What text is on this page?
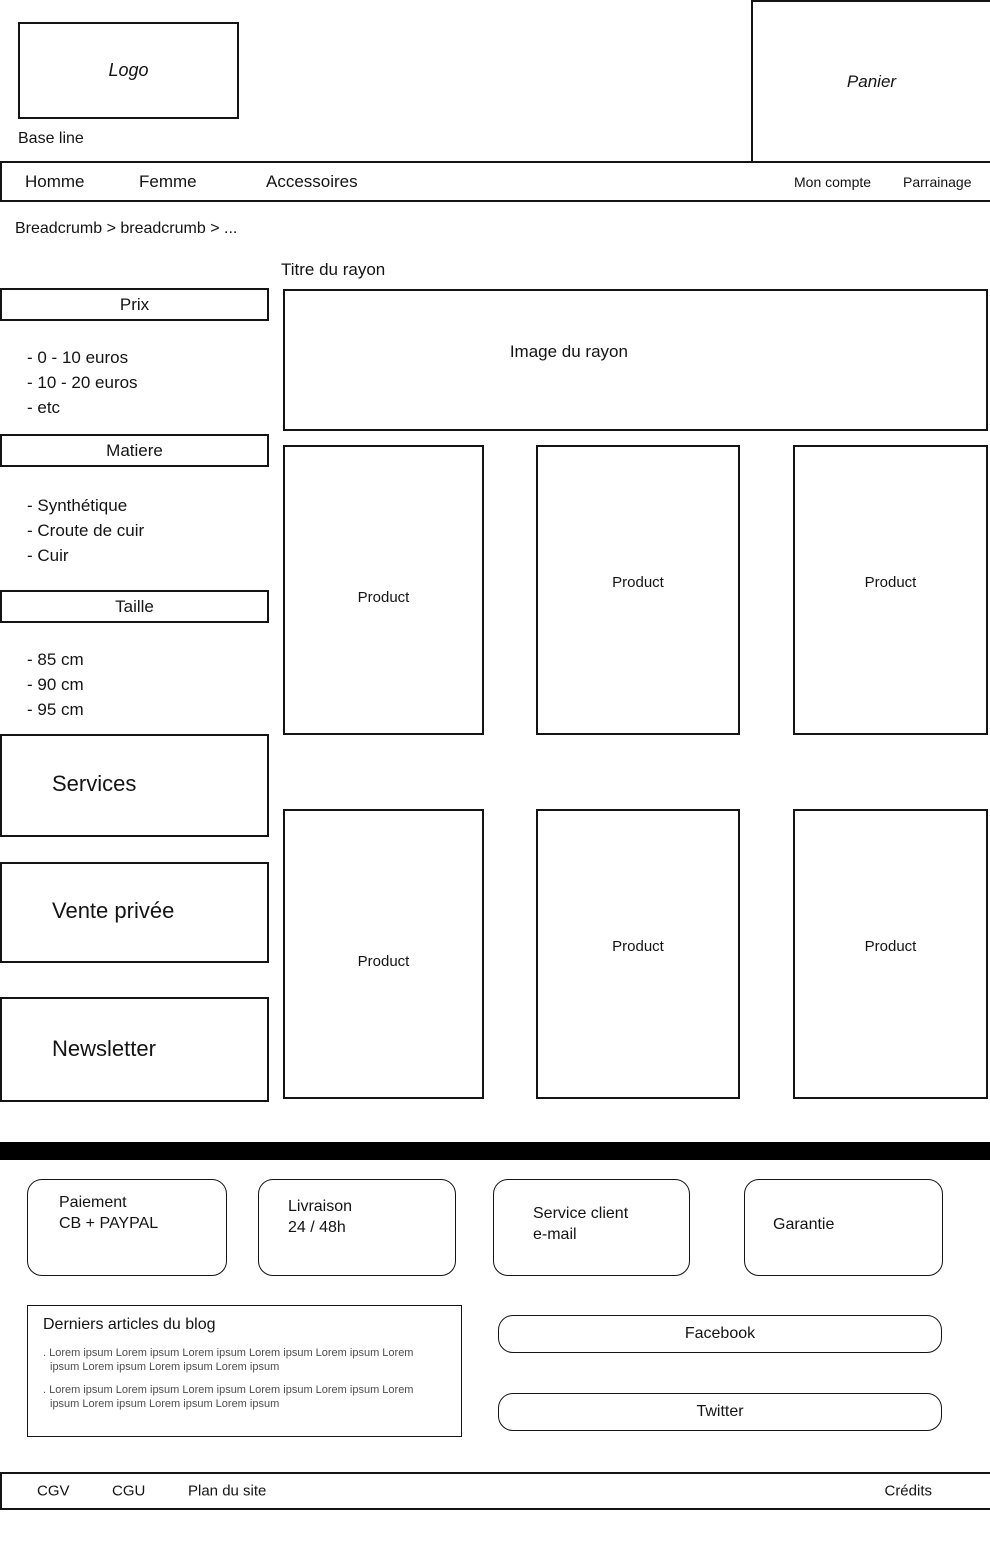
Logo
Base line
Panier
Homme	Femme	Accessoires	Mon compte Parrainage
Breadcrumb > breadcrumb > ...
Prix
- 0 - 10 euros
- 10 - 20 euros
- etc
Matiere
- Synthétique
- Croute de cuir
- Cuir
Taille
- 85 cm
- 90 cm
- 95 cm
Services
Vente privée
Newsletter
Titre du rayon
Image du rayon
Product
Product	Product
Product
Product	Product
Paiement
CB + PAYPAL
Livraison
24 / 48h
Service client
e-mail
Garantie
Derniers articles du blog

. Lorem ipsum Lorem ipsum Lorem ipsum Lorem ipsum Lorem ipsum Lorem ipsum Lorem ipsum Lorem ipsum Lorem ipsum

. Lorem ipsum Lorem ipsum Lorem ipsum Lorem ipsum Lorem ipsum Lorem ipsum Lorem ipsum Lorem ipsum Lorem ipsum

Facebook
Twitter
CGV	CGU	Plan du site	Crédits
